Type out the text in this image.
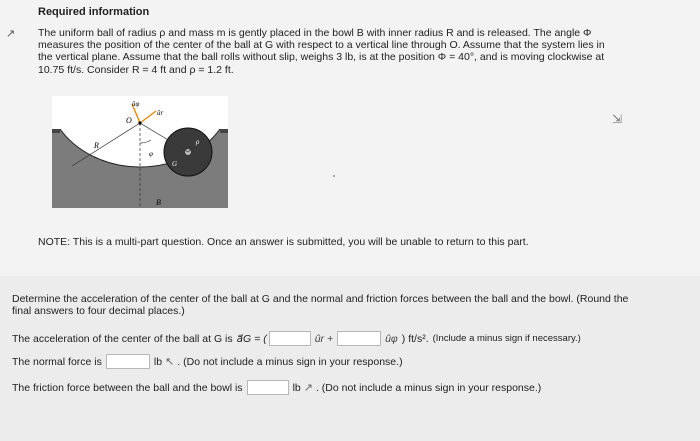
↗
Required information
The uniform ball of radius ρ and mass m is gently placed in the bowl B with inner radius R and is released. The angle Φ
measures the position of the center of the ball at G with respect to a vertical line through O. Assume that the system lies in
the vertical plane. Assume that the ball rolls without slip, weighs 3 lb, is at the position Φ = 40°, and is moving clockwise at
10.75 ft/s. Consider R = 4 ft and ρ = 1.2 ft.
O
R
G
B
φ
ρ
ûr
ûφ
⇲
NOTE: This is a multi-part question. Once an answer is submitted, you will be unable to return to this part.
Determine the acceleration of the center of the ball at G and the normal and friction forces between the ball and the bowl. (Round the
final answers to four decimal places.)
The acceleration of the center of the ball at G is a⃗G = (	ûr +	ûφ ) ft/s². (Include a minus sign if necessary.)
The normal force is	lb ↖ . (Do not include a minus sign in your response.)
The friction force between the ball and the bowl is	lb ↗ . (Do not include a minus sign in your response.)
